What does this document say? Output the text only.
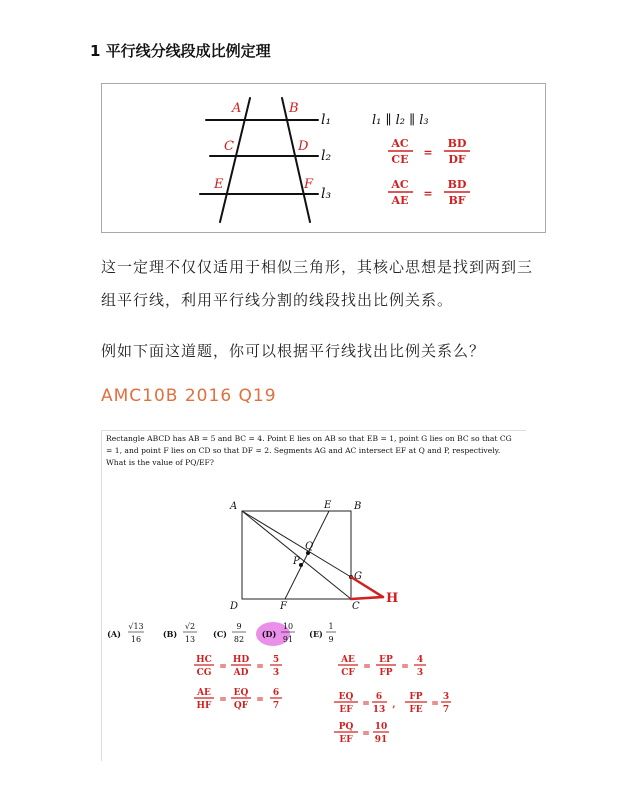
1 平行线分线段成比例定理
A	B
C	D
E	F
l₁
l₂
l₃
l₁ ∥ l₂ ∥ l₃
AC
CE
=
BD
DF
AC
AE
=
BD
BF
这一定理不仅仅适用于相似三角形，其核心思想是找到两到三组平行线，利用平行线分割的线段找出比例关系。
例如下面这道题，你可以根据平行线找出比例关系么？
AMC10B 2016 Q19
Rectangle ABCD has AB = 5 and BC = 4. Point E lies on AB so that EB = 1, point G lies on BC so that CG = 1, and point F lies on CD so that DF = 2. Segments AG and AC intersect EF at Q and P, respectively. What is the value of PQ/EF?
A	B
C
D
E
F
G
P
Q
H
(A)
√13
16
(B)
√2
13
(C)
9
82
(D)
10
91
(E)
1
9
HC
CG
=
HD
AD
=
5
3
AE
HF
=
EQ
QF
=
6
7
AE
CF
=
EP
FP
=
4
3
EQ
EF
=
6
13 ,
FP
FE
=
3
7
PQ
EF
=
10
91
